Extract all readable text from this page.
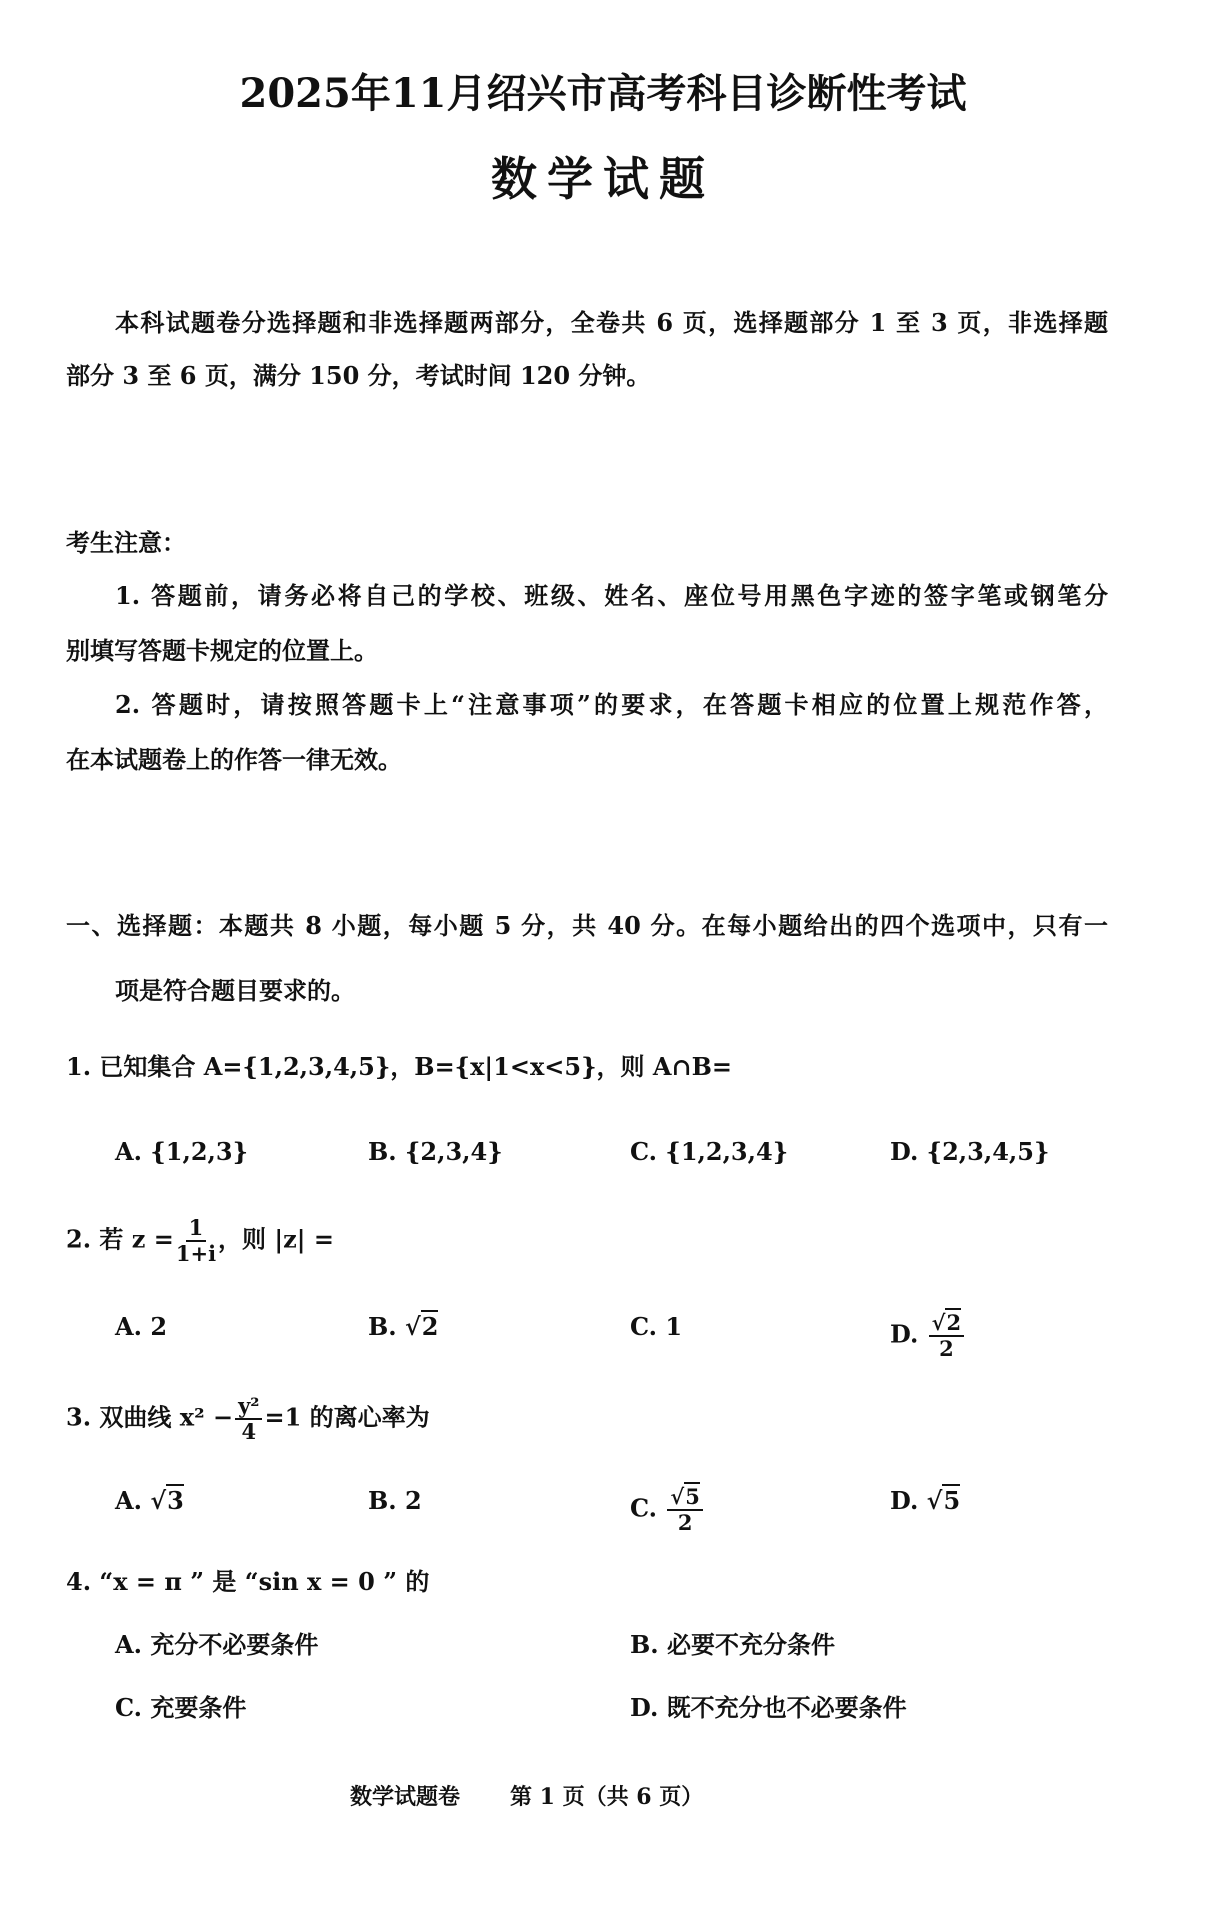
2025年11月绍兴市高考科目诊断性考试
数学试题
本科试题卷分选择题和非选择题两部分，全卷共 6 页，选择题部分 1 至 3 页，非选择题
部分 3 至 6 页，满分 150 分，考试时间 120 分钟。
考生注意：
1. 答题前，请务必将自己的学校、班级、姓名、座位号用黑色字迹的签字笔或钢笔分
别填写答题卡规定的位置上。
2. 答题时，请按照答题卡上“注意事项”的要求，在答题卡相应的位置上规范作答，
在本试题卷上的作答一律无效。
一、选择题：本题共 8 小题，每小题 5 分，共 40 分。在每小题给出的四个选项中，只有一
项是符合题目要求的。
1. 已知集合 A={1,2,3,4,5}，B={x|1<x<5}，则 A∩B=
A. {1,2,3}	B. {2,3,4}	C. {1,2,3,4}	D. {2,3,4,5}
2. 若 $z = \frac{1}{1+i}$ ，则 |z| =
A. 2	B. √2	C. 1	D. $\frac{√2}{2}$
3. 双曲线 $x^2 - \frac{\text{y²}}{4} =1$ 的离心率为
A. √3	B. 2	C. $\frac{√5}{2}$	D. √5
4. “x = π ” 是 “sin x = 0 ” 的
A. 充分不必要条件	B. 必要不充分条件
C. 充要条件	D. 既不充分也不必要条件
数学试题卷 第 1 页（共 6 页）
